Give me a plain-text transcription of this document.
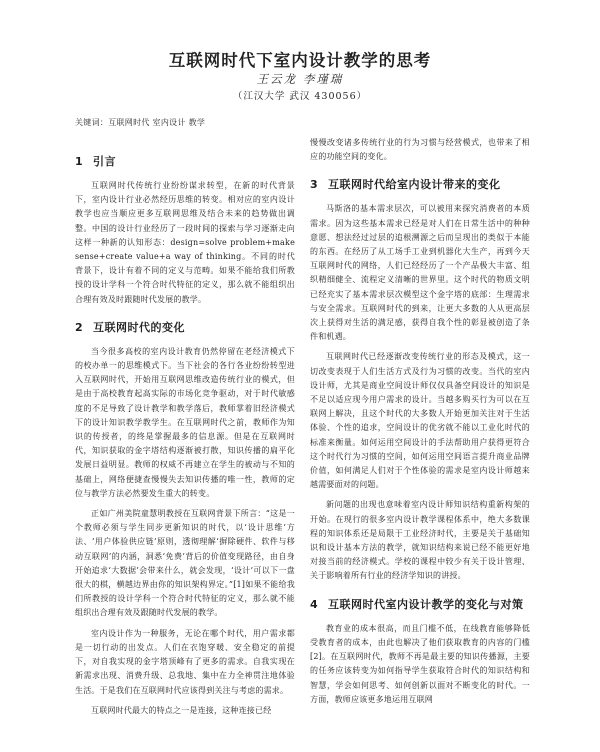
互联网时代下室内设计教学的思考
王云龙 李瑾瑞
（江汉大学 武汉 430056）
关键词：互联网时代 室内设计 教学
1 引言

互联网时代传统行业纷纷谋求转型，在新的时代背景下，室内设计行业必然经历思维的转变。相对应的室内设计教学也应当顺应更多互联网思维及结合未来的趋势做出调整。中国的设计行业经历了一段时间的探索与学习逐渐走向这样一种新的认知形态：design=solve problem+make sense+create value+a way of thinking。不同的时代背景下，设计有着不同的定义与范畴。如果不能给我们所教授的设计学科一个符合时代特征的定义，那么就不能组织出合理有效及时跟随时代发展的教学。

2 互联网时代的变化

当今很多高校的室内设计教育仍然停留在老经济模式下的校办单一的思维模式下。当下社会的各行各业纷纷转型进入互联网时代，开始用互联网思维改造传统行业的模式，但是由于高校教育起高实际的市场化竞争驱动，对于时代敏感度的不足导致了设计教学和教学落后，教师掌着旧经济模式下的设计知识教学教学生。在互联网时代之前，教师作为知识的传授者，的终是掌握最多的信息源。但是在互联网时代，知识获取的金字塔结构逐渐被打散，知识传播的扁平化发展日益明显。教师的权威不再建立在学生的被动与不知的基础上，网络便捷查慢慢失去知识传播的唯一性，教师的定位与教学方法必然要发生重大的转变。

正如广州美院童慧明教授在互联网背景下所言：“这是一个教师必须与学生同步更新知识的时代，以‘设计思维’方法、‘用户体验供应链’原则，透彻理解‘摒除硬件、软件与移动互联网’的内涵，洞悉‘免费’背后的价值变现路径，由自身开始追求‘大数据’会带来什么，就会发现，‘设计’可以下一盘很大的棋，横越边界由你的知识架构界定。”[1]如果不能给我们所教授的设计学科一个符合时代特征的定义，那么就不能组织出合理有效及跟随时代发展的教学。

室内设计作为一种服务，无论在哪个时代，用户需求都是一切行动的出发点。人们在衣饱穿暖、安全稳定的前提下，对自我实现的金字塔顶峰有了更多的需求。自我实现在新需求出现、消费升级、总我地、集中在力全神贯注地体验生活。于是我们在互联网时代应该得到关注与考虑的需求。

互联网时代最大的特点之一是连接，这种连接已经

慢慢改变诸多传统行业的行为习惯与经营模式，也带来了相应的功能空间的变化。

3 互联网时代给室内设计带来的变化

马斯洛的基本需求层次，可以被用来探究消费者的本质需求。因为这些基本需求已经是对人们在日常生活中的种种意愿、想法经过过层的追根溯源之后而呈现出的类似于本能的东西。在经历了从工场手工业到机器化大生产，再到今天互联网时代的网络，人们已经经历了一个产品极大丰富、组织精细健全、流程定义清晰的世界里。这个时代的物质文明已经充实了基本需求层次模型这个金字塔的底部：生理需求与安全需求。互联网时代的到来，让更大多数的人从更高层次上获得对生活的满足感，获得自我个性的彰显被创造了条件和机遇。

互联网时代已经逐渐改变传统行业的形态及模式，这一切改变表现于人们生活方式及行为习惯的改变。当代的室内设计师，尤其是商业空间设计师仅仅具备空间设计的知识是不足以适应现今用户需求的设计。当越多购买行为可以在互联网上解决，且这个时代的大多数人开始更加关注对于生活体验、个性的追求，空间设计的优劣就不能以工业化时代的标准来衡量。如何运用空间设计的手法帮助用户获得更符合这个时代行为习惯的空间，如何运用空间语言提升商业品牌价值，如何满足人们对于个性体验的需求是室内设计师越来越需要面对的问题。

新问题的出现也意味着室内设计师知识结构重新构架的开始。在现行的很多室内设计教学课程体系中，绝大多数课程的知识体系还是局限于工业经济时代，主要是关于基础知识和设计基本方法的教学，就知识结构来说已经不能更好地对接当前的经济模式。学校的课程中较少有关于设计管理、关于影响着所有行业的经济学知识的讲授。

4 互联网时代室内设计教学的变化与对策

教育业的成本很高，而且门槛不低，在线教育能够降低受教育者的成本，由此也解决了他们获取教育的内容的门槛[2]。在互联网时代，教师不再是最主要的知识传播源，主要的任务应该转变为如何指导学生获取符合时代的知识结构和智慧，学会如何思考、如何创新以面对不断变化的时代。一方面，教师应该更多地运用互联网
